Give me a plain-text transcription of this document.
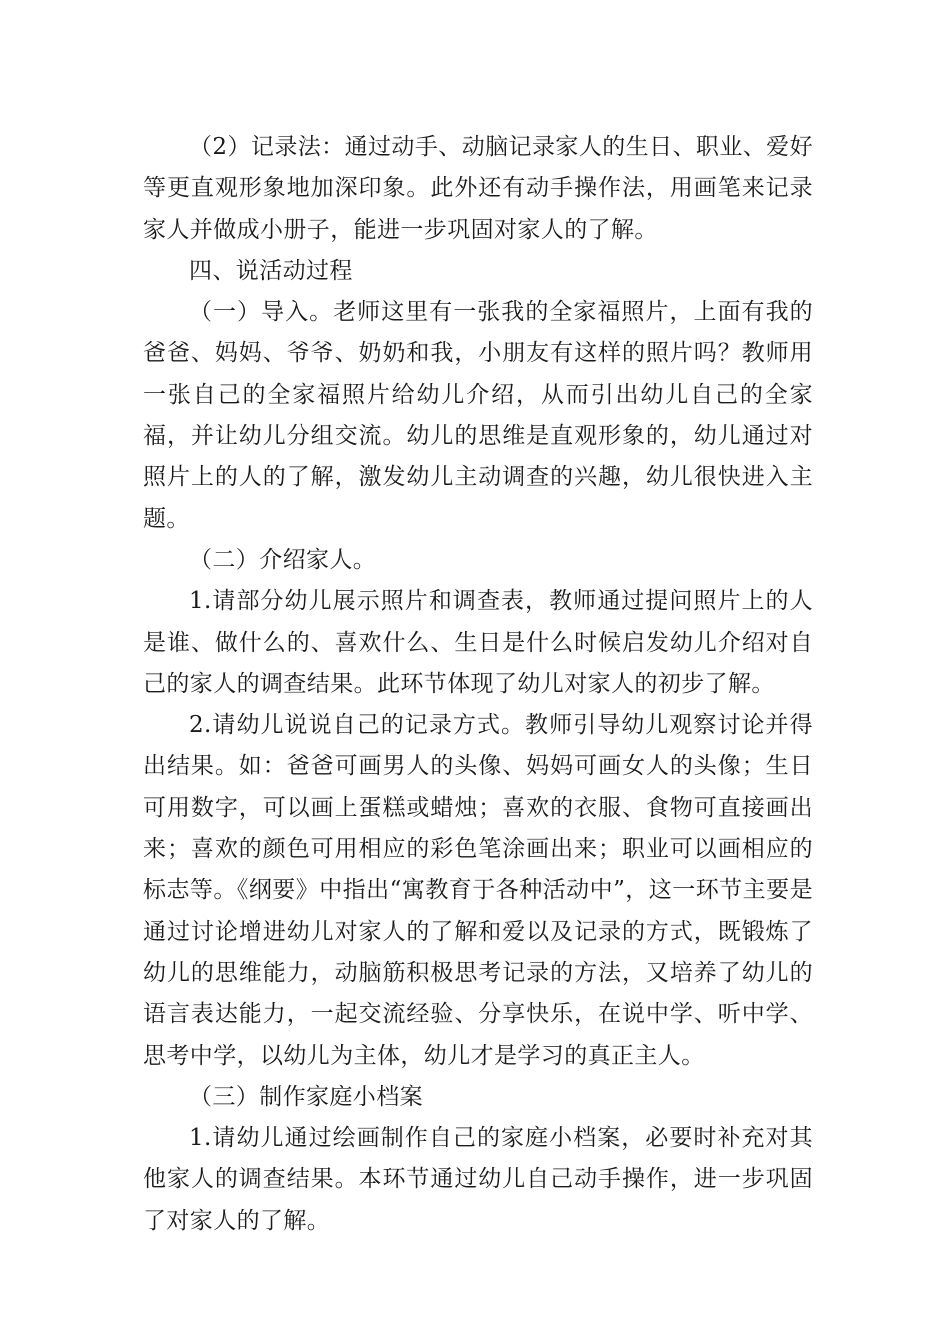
（2）记录法：通过动手、动脑记录家人的生日、职业、爱好等更直观形象地加深印象。此外还有动手操作法，用画笔来记录家人并做成小册子，能进一步巩固对家人的了解。

四、说活动过程

（一）导入。老师这里有一张我的全家福照片，上面有我的爸爸、妈妈、爷爷、奶奶和我，小朋友有这样的照片吗？教师用一张自己的全家福照片给幼儿介绍，从而引出幼儿自己的全家福，并让幼儿分组交流。幼儿的思维是直观形象的，幼儿通过对照片上的人的了解，激发幼儿主动调查的兴趣，幼儿很快进入主题。

（二）介绍家人。

1.请部分幼儿展示照片和调查表，教师通过提问照片上的人是谁、做什么的、喜欢什么、生日是什么时候启发幼儿介绍对自己的家人的调查结果。此环节体现了幼儿对家人的初步了解。

2.请幼儿说说自己的记录方式。教师引导幼儿观察讨论并得出结果。如：爸爸可画男人的头像、妈妈可画女人的头像；生日可用数字，可以画上蛋糕或蜡烛；喜欢的衣服、食物可直接画出来；喜欢的颜色可用相应的彩色笔涂画出来；职业可以画相应的标志等。《纲要》中指出“寓教育于各种活动中”，这一环节主要是通过讨论增进幼儿对家人的了解和爱以及记录的方式，既锻炼了幼儿的思维能力，动脑筋积极思考记录的方法，又培养了幼儿的语言表达能力，一起交流经验、分享快乐，在说中学、听中学、思考中学，以幼儿为主体，幼儿才是学习的真正主人。

（三）制作家庭小档案

1.请幼儿通过绘画制作自己的家庭小档案，必要时补充对其他家人的调查结果。本环节通过幼儿自己动手操作，进一步巩固了对家人的了解。
